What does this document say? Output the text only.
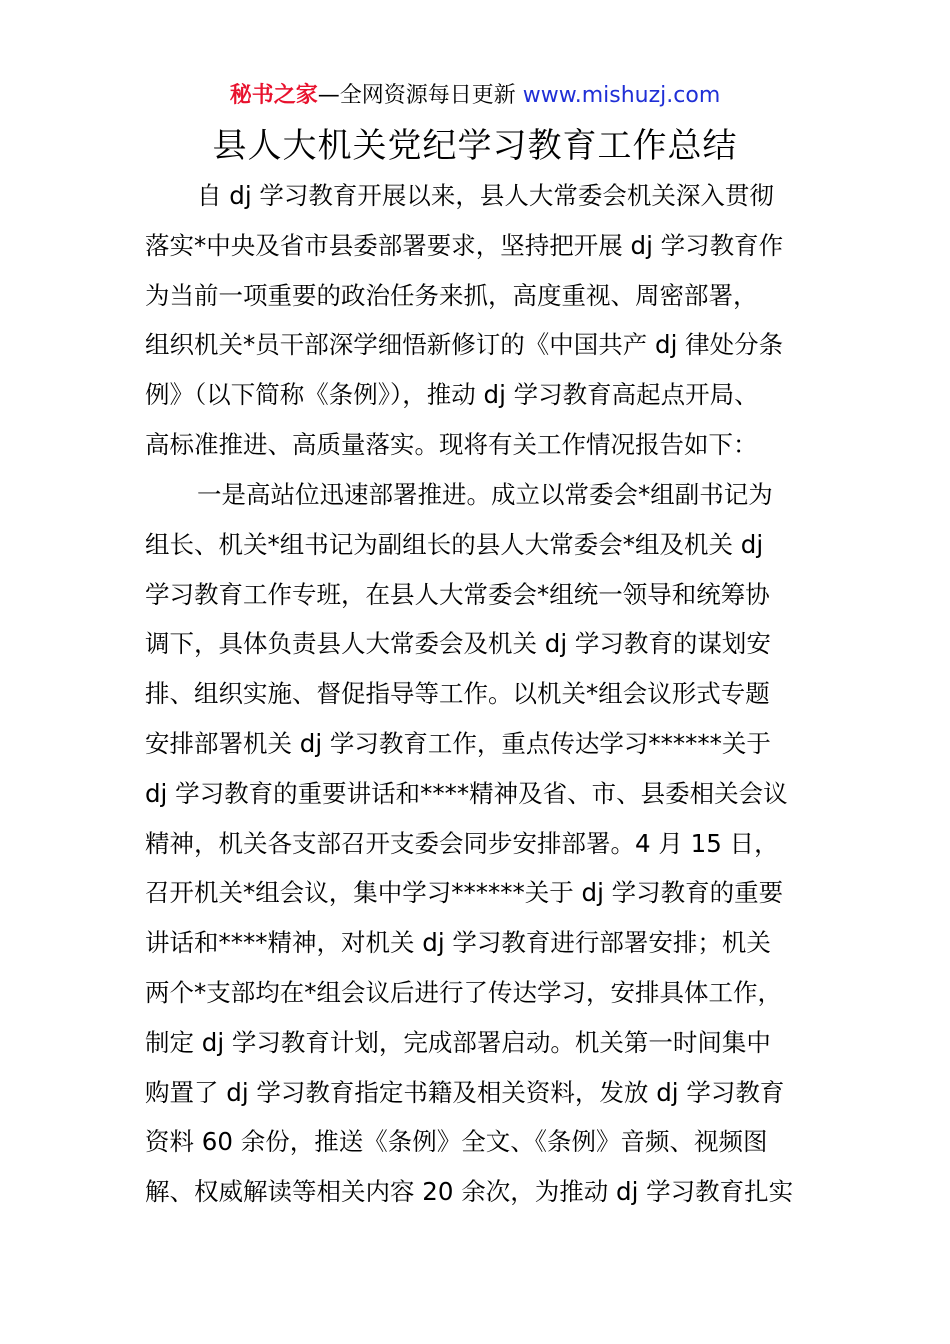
秘书之家—全网资源每日更新 www.mishuzj.com
县人大机关党纪学习教育工作总结
自 dj 学习教育开展以来，县人大常委会机关深入贯彻
落实*中央及省市县委部署要求，坚持把开展 dj 学习教育作
为当前一项重要的政治任务来抓，高度重视、周密部署，
组织机关*员干部深学细悟新修订的《中国共产 dj 律处分条
例》（以下简称《条例》），推动 dj 学习教育高起点开局、
高标准推进、高质量落实。现将有关工作情况报告如下：
一是高站位迅速部署推进。成立以常委会*组副书记为
组长、机关*组书记为副组长的县人大常委会*组及机关 dj
学习教育工作专班，在县人大常委会*组统一领导和统筹协
调下，具体负责县人大常委会及机关 dj 学习教育的谋划安
排、组织实施、督促指导等工作。以机关*组会议形式专题
安排部署机关 dj 学习教育工作，重点传达学习******关于
dj 学习教育的重要讲话和****精神及省、市、县委相关会议
精神，机关各支部召开支委会同步安排部署。4 月 15 日，
召开机关*组会议，集中学习******关于 dj 学习教育的重要
讲话和****精神，对机关 dj 学习教育进行部署安排；机关
两个*支部均在*组会议后进行了传达学习，安排具体工作，
制定 dj 学习教育计划，完成部署启动。机关第一时间集中
购置了 dj 学习教育指定书籍及相关资料，发放 dj 学习教育
资料 60 余份，推送《条例》全文、《条例》音频、视频图
解、权威解读等相关内容 20 余次，为推动 dj 学习教育扎实
